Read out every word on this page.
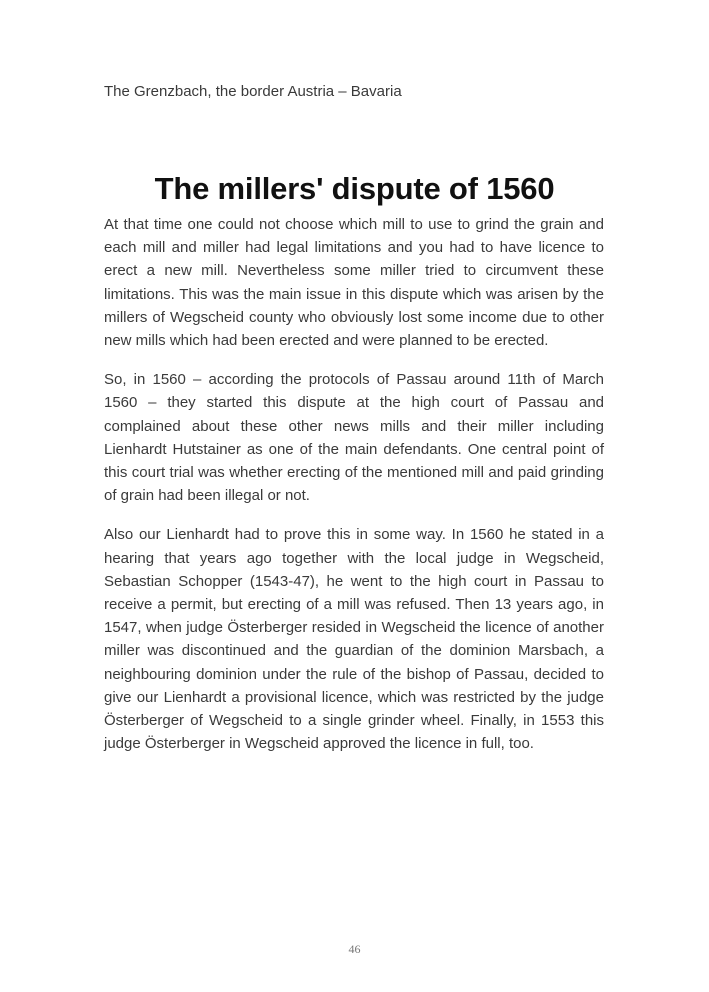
The Grenzbach, the border Austria – Bavaria
The millers' dispute of 1560

At that time one could not choose which mill to use to grind the grain and each mill and miller had legal limitations and you had to have licence to erect a new mill. Nevertheless some miller tried to circumvent these limitations. This was the main issue in this dispute which was arisen by the millers of Wegscheid county who obviously lost some income due to other new mills which had been erected and were planned to be erected.

So, in 1560 – according the protocols of Passau around 11th of March 1560 – they started this dispute at the high court of Passau and complained about these other news mills and their miller including Lienhardt Hutstainer as one of the main defendants. One central point of this court trial was whether erecting of the mentioned mill and paid grinding of grain had been illegal or not.

Also our Lienhardt had to prove this in some way. In 1560 he stated in a hearing that years ago together with the local judge in Wegscheid, Sebastian Schopper (1543-47), he went to the high court in Passau to receive a permit, but erecting of a mill was refused. Then 13 years ago, in 1547, when judge Österberger resided in Wegscheid the licence of another miller was discontinued and the guardian of the dominion Marsbach, a neighbouring dominion under the rule of the bishop of Passau, decided to give our Lienhardt a provisional licence, which was restricted by the judge Österberger of Wegscheid to a single grinder wheel. Finally, in 1553 this judge Österberger in Wegscheid approved the licence in full, too.

46
